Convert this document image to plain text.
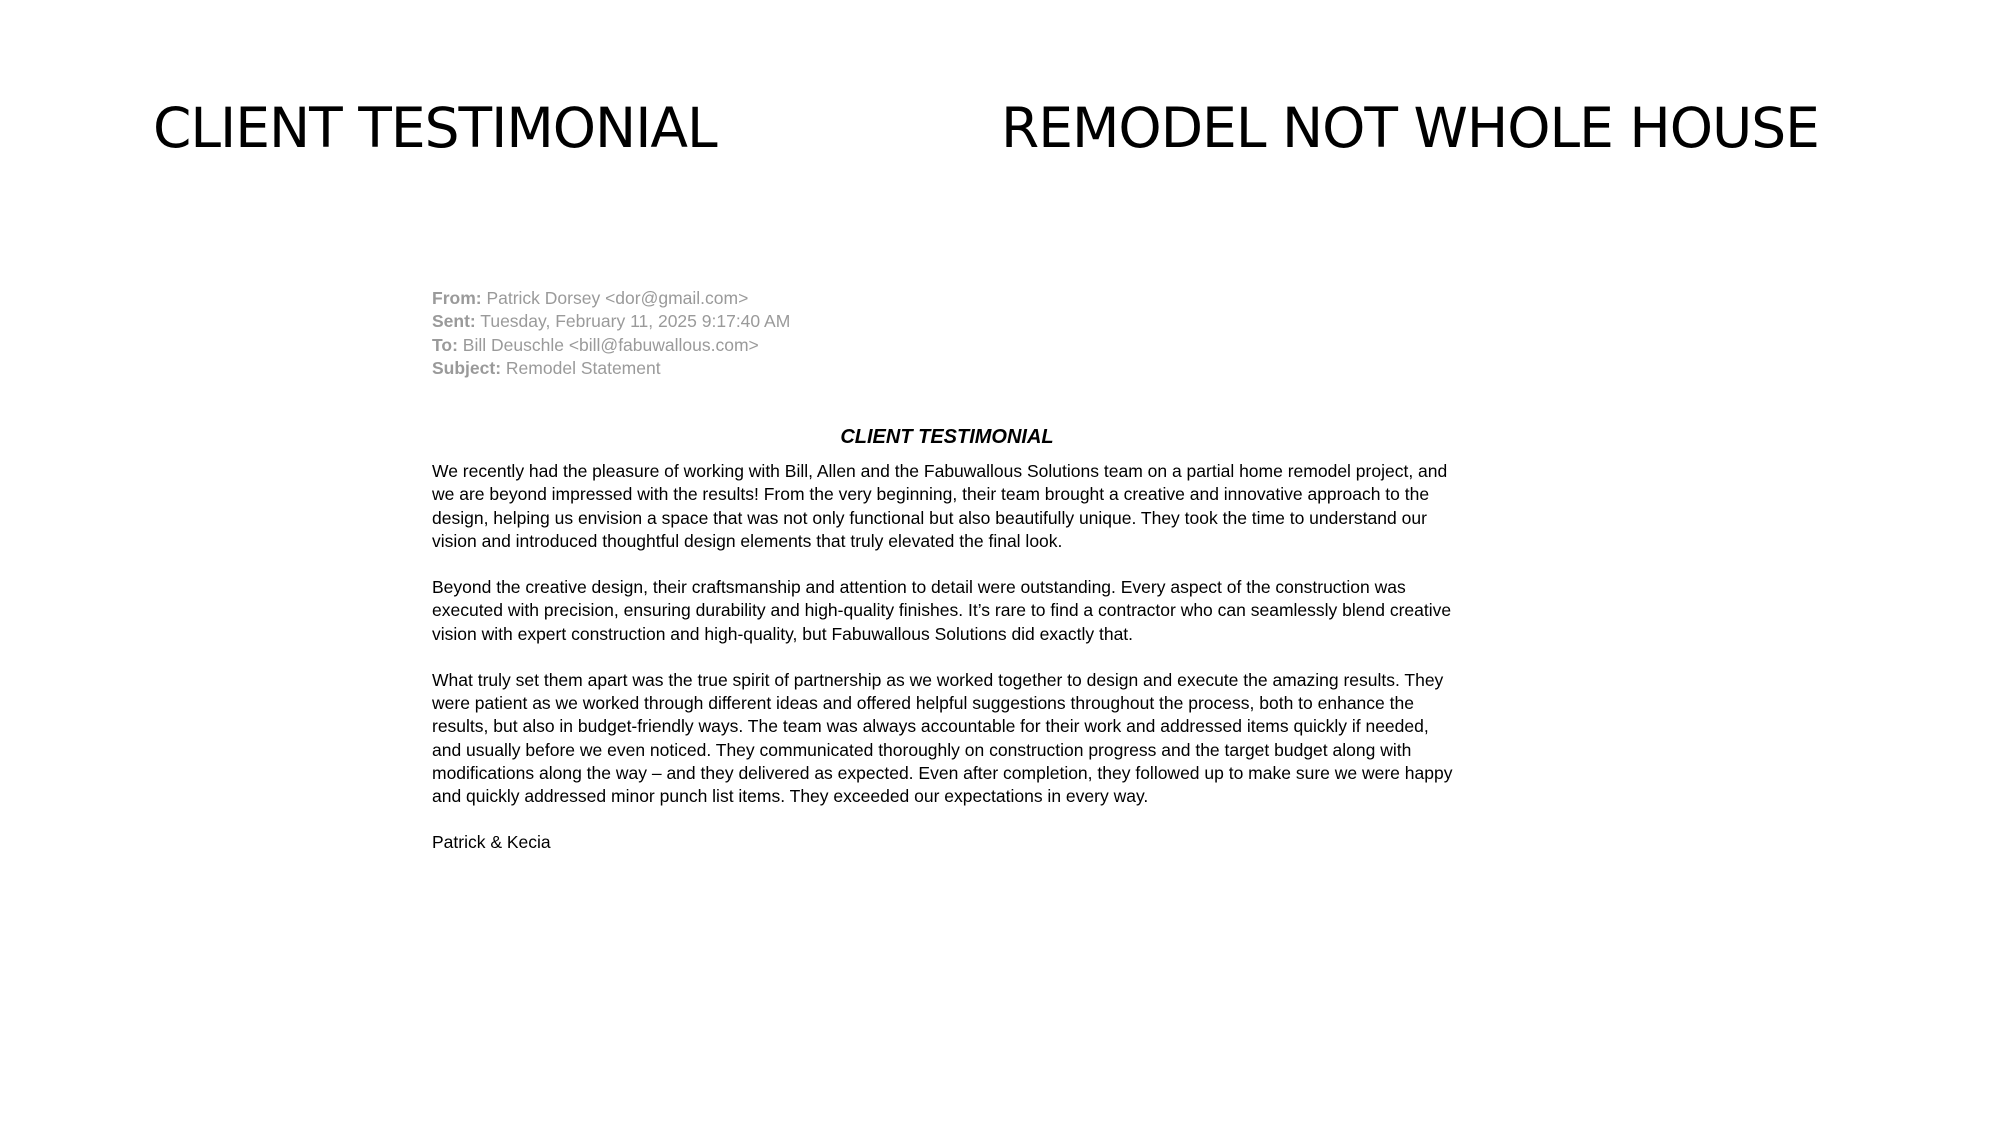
CLIENT TESTIMONIAL	REMODEL NOT WHOLE HOUSE
From: Patrick Dorsey <dor@gmail.com>
Sent: Tuesday, February 11, 2025 9:17:40 AM
To: Bill Deuschle <bill@fabuwallous.com>
Subject: Remodel Statement
CLIENT TESTIMONIAL

We recently had the pleasure of working with Bill, Allen and the Fabuwallous Solutions team on a partial home remodel project, and we are beyond impressed with the results! From the very beginning, their team brought a creative and innovative approach to the design, helping us envision a space that was not only functional but also beautifully unique. They took the time to understand our vision and introduced thoughtful design elements that truly elevated the final look.

Beyond the creative design, their craftsmanship and attention to detail were outstanding. Every aspect of the construction was executed with precision, ensuring durability and high-quality finishes. It’s rare to find a contractor who can seamlessly blend creative vision with expert construction and high-quality, but Fabuwallous Solutions did exactly that.

What truly set them apart was the true spirit of partnership as we worked together to design and execute the amazing results. They were patient as we worked through different ideas and offered helpful suggestions throughout the process, both to enhance the results, but also in budget-friendly ways. The team was always accountable for their work and addressed items quickly if needed, and usually before we even noticed. They communicated thoroughly on construction progress and the target budget along with modifications along the way – and they delivered as expected. Even after completion, they followed up to make sure we were happy and quickly addressed minor punch list items. They exceeded our expectations in every way.

Patrick & Kecia
